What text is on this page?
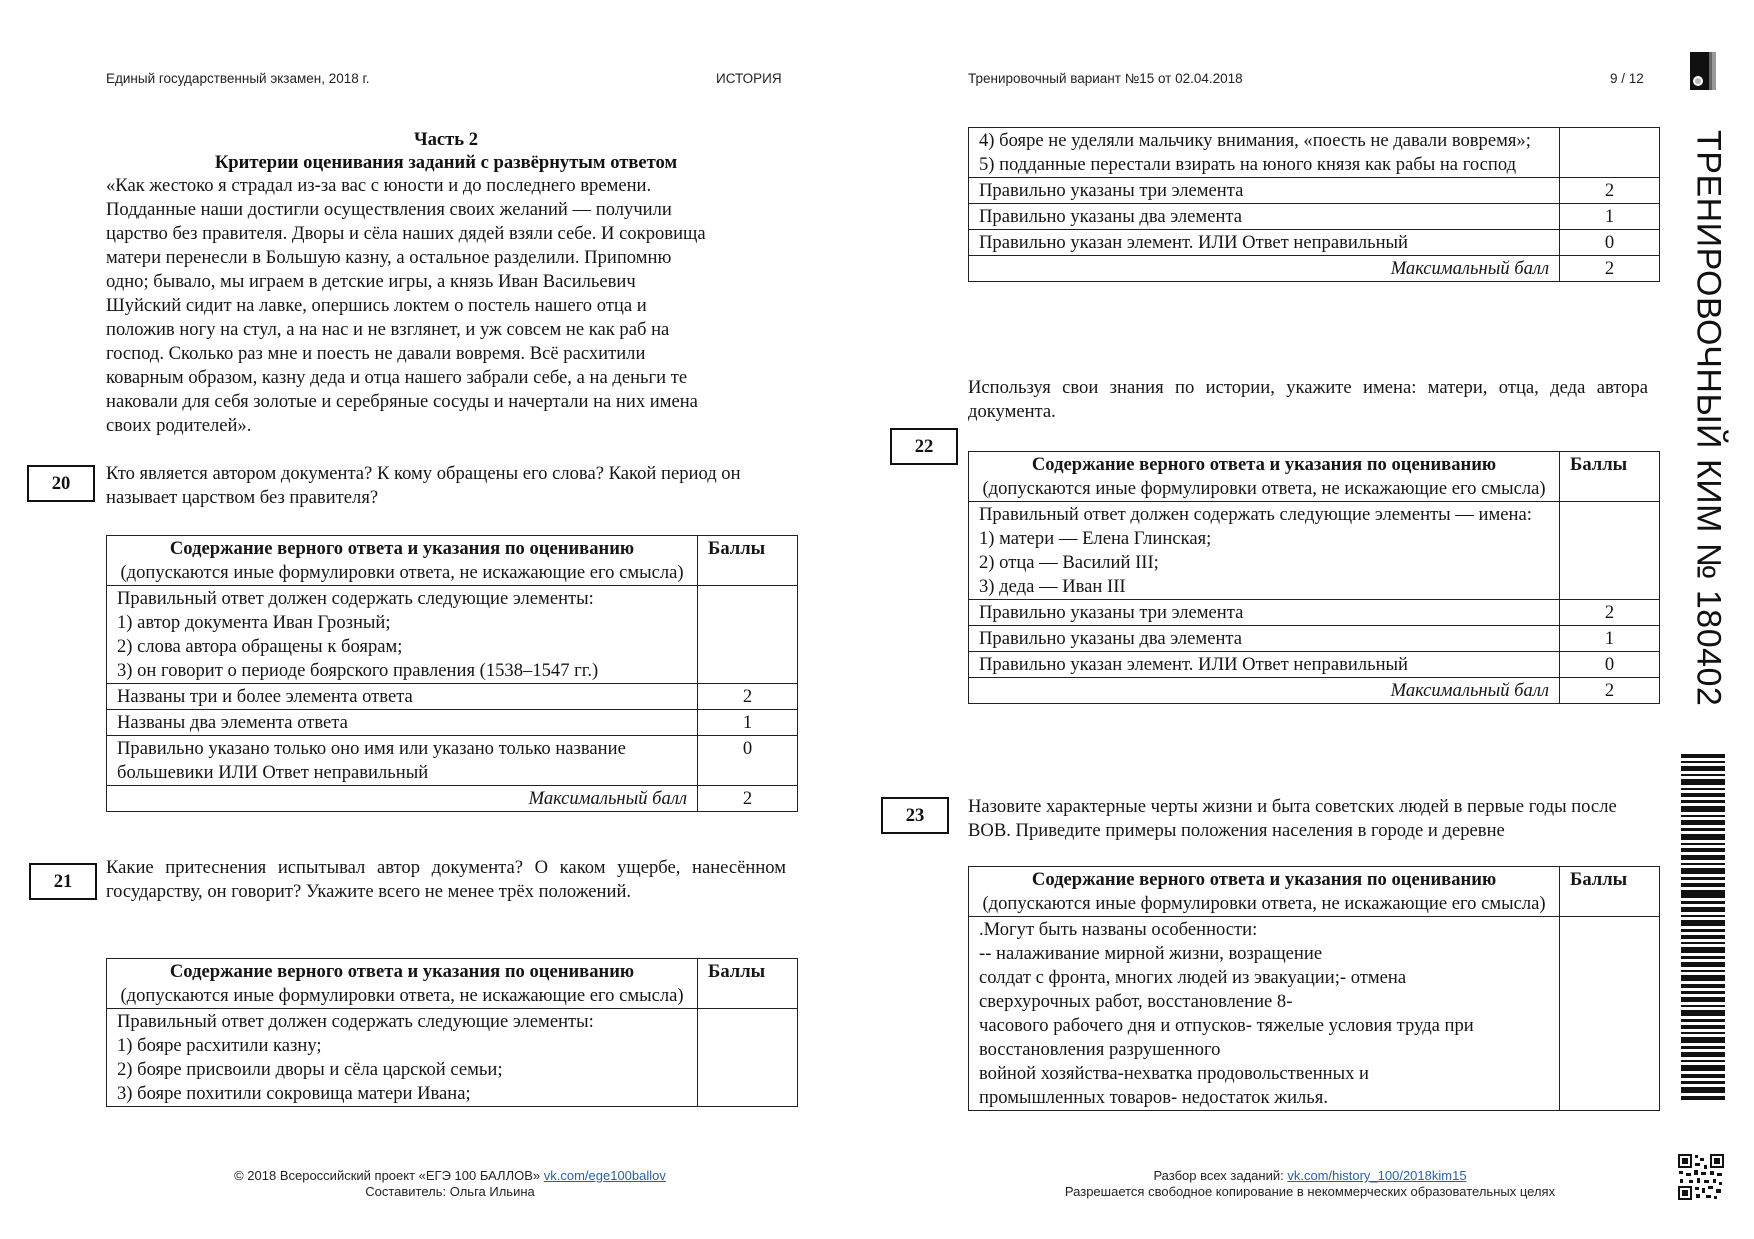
Единый государственный экзамен, 2018 г.	ИСТОРИЯ	Тренировочный вариант №15 от 02.04.2018	9 / 12
ТРЕНИРОВОЧНЫЙ КИМ № 180402
Часть 2
Критерии оценивания заданий с развёрнутым ответом
«Как жестоко я страдал из-за вас с юности и до последнего времени.
Подданные наши достигли осуществления своих желаний — получили
царство без правителя. Дворы и сёла наших дядей взяли себе. И сокровища
матери перенесли в Большую казну, а остальное разделили. Припомню
одно; бывало, мы играем в детские игры, а князь Иван Васильевич
Шуйский сидит на лавке, опершись локтем о постель нашего отца и
положив ногу на стул, а на нас и не взглянет, и уж совсем не как раб на
господ. Сколько раз мне и поесть не давали вовремя. Всё расхитили
коварным образом, казну деда и отца нашего забрали себе, а на деньги те
наковали для себя золотые и серебряные сосуды и начертали на них имена
своих родителей».
20	Кто является автором документа? К кому обращены его слова? Какой период он называет царством без правителя?
Содержание верного ответа и указания по оцениванию
(допускаются иные формулировки ответа, не искажающие его смысла)	Баллы

Правильный ответ должен содержать следующие элементы:
1) автор документа Иван Грозный;
2) слова автора обращены к боярам;
3) он говорит о периоде боярского правления (1538–1547 гг.)	

Названы три и более элемента ответа	2
Названы два элемента ответа	1
Правильно указано только оно имя или указано только название большевики ИЛИ Ответ неправильный	0
Максимальный балл	2
21
Какие притеснения испытывал автор документа? О каком ущербе, нанесённом государству, он говорит? Укажите всего не менее трёх положений.
Содержание верного ответа и указания по оцениванию
(допускаются иные формулировки ответа, не искажающие его смысла)	Баллы

Правильный ответ должен содержать следующие элементы:
1) бояре расхитили казну;
2) бояре присвоили дворы и сёла царской семьи;
3) бояре похитили сокровища матери Ивана;	

4) бояре не уделяли мальчику внимания, «поесть не давали вовремя»;
5) подданные перестали взирать на юного князя как рабы на господ	

Правильно указаны три элемента	2
Правильно указаны два элемента	1
Правильно указан элемент. ИЛИ Ответ неправильный	0
Максимальный балл	2
Используя свои знания по истории, укажите имена: матери, отца, деда автора документа.
22
Содержание верного ответа и указания по оцениванию
(допускаются иные формулировки ответа, не искажающие его смысла)	Баллы

Правильный ответ должен содержать следующие элементы — имена:
1) матери — Елена Глинская;
2) отца — Василий III;
3) деда — Иван III	

Правильно указаны три элемента	2
Правильно указаны два элемента	1
Правильно указан элемент. ИЛИ Ответ неправильный	0
Максимальный балл	2
23	Назовите характерные черты жизни и быта советских людей в первые годы после ВОВ. Приведите примеры положения населения в городе и деревне
Содержание верного ответа и указания по оцениванию
(допускаются иные формулировки ответа, не искажающие его смысла)	Баллы

.Могут быть названы особенности:
-- налаживание мирной жизни, возращение
солдат с фронта, многих людей из эвакуации;- отмена
сверхурочных работ, восстановление 8-
часового рабочего дня и отпусков- тяжелые условия труда при
восстановления разрушенного
войной хозяйства-нехватка продовольственных и
промышленных товаров- недостаток жилья.

© 2018 Всероссийский проект «ЕГЭ 100 БАЛЛОВ» vk.com/ege100ballov
Составитель: Ольга Ильина
Разбор всех заданий: vk.com/history_100/2018kim15
Разрешается свободное копирование в некоммерческих образовательных целях
